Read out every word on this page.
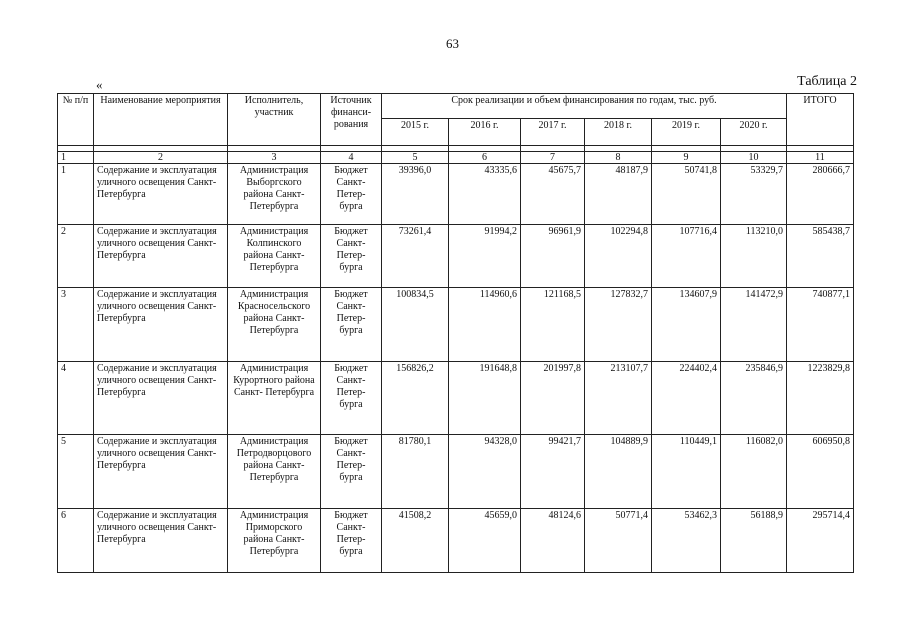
63
«	Таблица 2
№ п/п	Наименование мероприятия	Исполнитель, участник	Источник финанси- рования	Срок реализации и объем финансирования по годам, тыс. руб.						ИТОГО
				2015 г.	2016 г.	2017 г.	2018 г.	2019 г.	2020 г.	

1	2	3	4	5	6	7	8	9	10	11
1	Содержание и эксплуатация уличного освещения Санкт-Петербурга	Администрация Выборгского района Санкт- Петербурга	Бюджет Санкт- Петер- бурга	39396,0	43335,6	45675,7	48187,9	50741,8	53329,7	280666,7
2	Содержание и эксплуатация уличного освещения Санкт-Петербурга	Администрация Колпинского района Санкт- Петербурга	Бюджет Санкт- Петер- бурга	73261,4	91994,2	96961,9	102294,8	107716,4	113210,0	585438,7
3	Содержание и эксплуатация уличного освещения Санкт-Петербурга	Администрация Красносельского района Санкт- Петербурга	Бюджет Санкт- Петер- бурга	100834,5	114960,6	121168,5	127832,7	134607,9	141472,9	740877,1
4	Содержание и эксплуатация уличного освещения Санкт-Петербурга	Администрация Курортного района Санкт- Петербурга	Бюджет Санкт- Петер- бурга	156826,2	191648,8	201997,8	213107,7	224402,4	235846,9	1223829,8
5	Содержание и эксплуатация уличного освещения Санкт-Петербурга	Администрация Петродворцового района Санкт- Петербурга	Бюджет Санкт- Петер- бурга	81780,1	94328,0	99421,7	104889,9	110449,1	116082,0	606950,8
6	Содержание и эксплуатация уличного освещения Санкт-Петербурга	Администрация Приморского района Санкт- Петербурга	Бюджет Санкт- Петер- бурга	41508,2	45659,0	48124,6	50771,4	53462,3	56188,9	295714,4
